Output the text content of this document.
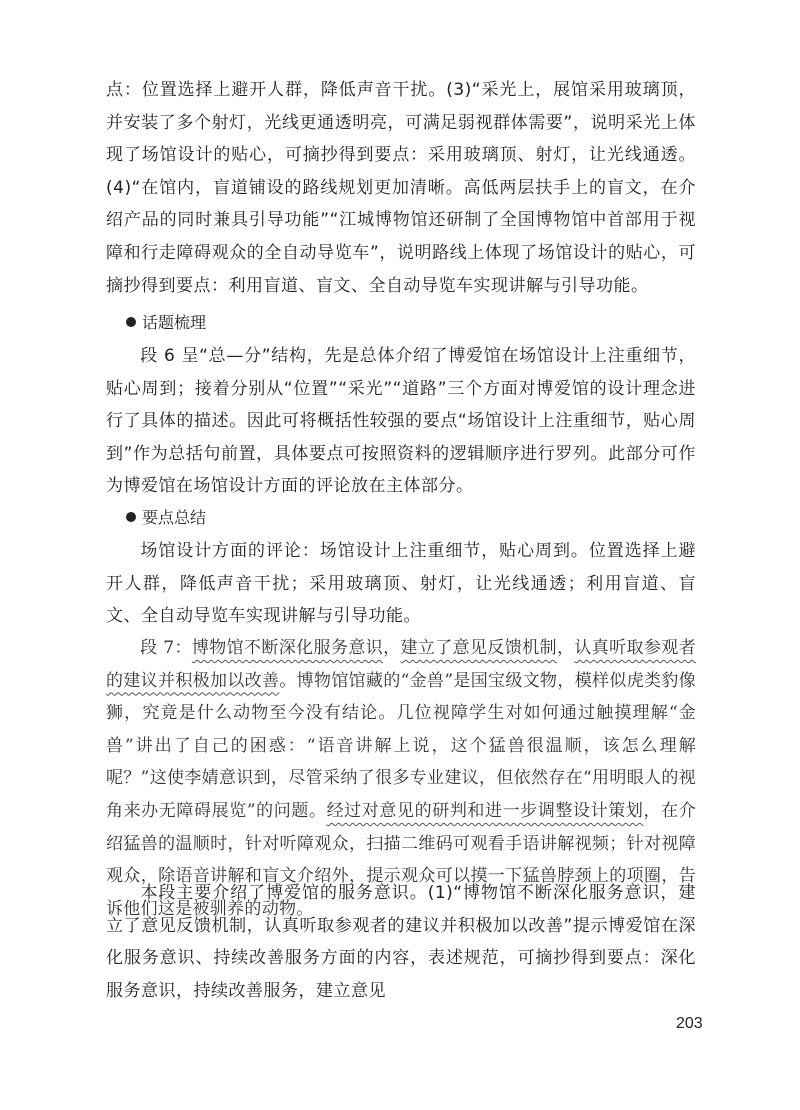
点：位置选择上避开人群，降低声音干扰。(3)“采光上，展馆采用玻璃顶，并安装了多个射灯，光线更通透明亮，可满足弱视群体需要”，说明采光上体现了场馆设计的贴心，可摘抄得到要点：采用玻璃顶、射灯，让光线通透。(4)“在馆内，盲道铺设的路线规划更加清晰。高低两层扶手上的盲文，在介绍产品的同时兼具引导功能”“江城博物馆还研制了全国博物馆中首部用于视障和行走障碍观众的全自动导览车”，说明路线上体现了场馆设计的贴心，可摘抄得到要点：利用盲道、盲文、全自动导览车实现讲解与引导功能。

话题梳理

段 6 呈“总—分”结构，先是总体介绍了博爱馆在场馆设计上注重细节，贴心周到；接着分别从“位置”“采光”“道路”三个方面对博爱馆的设计理念进行了具体的描述。因此可将概括性较强的要点“场馆设计上注重细节，贴心周到”作为总括句前置，具体要点可按照资料的逻辑顺序进行罗列。此部分可作为博爱馆在场馆设计方面的评论放在主体部分。

要点总结

场馆设计方面的评论：场馆设计上注重细节，贴心周到。位置选择上避开人群，降低声音干扰；采用玻璃顶、射灯，让光线通透；利用盲道、盲文、全自动导览车实现讲解与引导功能。

段 7：博物馆不断深化服务意识，建立了意见反馈机制，认真听取参观者的建议并积极加以改善。博物馆馆藏的“金兽”是国宝级文物，模样似虎类豹像狮，究竟是什么动物至今没有结论。几位视障学生对如何通过触摸理解“金兽”讲出了自己的困惑：“语音讲解上说，这个猛兽很温顺，该怎么理解呢？”这使李婧意识到，尽管采纳了很多专业建议，但依然存在“用明眼人的视角来办无障碍展览”的问题。经过对意见的研判和进一步调整设计策划，在介绍猛兽的温顺时，针对听障观众，扫描二维码可观看手语讲解视频；针对视障观众，除语音讲解和盲文介绍外，提示观众可以摸一下猛兽脖颈上的项圈，告诉他们这是被驯养的动物。

本段主要介绍了博爱馆的服务意识。(1)“博物馆不断深化服务意识，建立了意见反馈机制，认真听取参观者的建议并积极加以改善”提示博爱馆在深化服务意识、持续改善服务方面的内容，表述规范，可摘抄得到要点：深化服务意识，持续改善服务，建立意见

203
